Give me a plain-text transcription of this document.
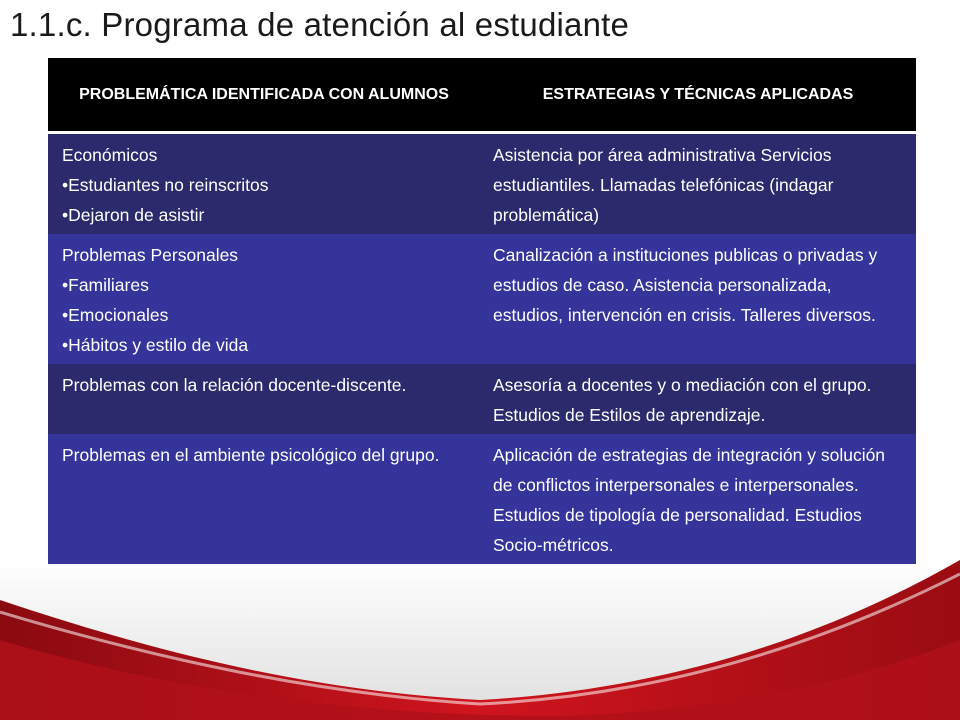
1.1.c. Programa de atención al estudiante
PROBLEMÁTICA IDENTIFICADA CON ALUMNOS	ESTRATEGIAS Y TÉCNICAS APLICADAS

Económicos
•Estudiantes no reinscritos
•Dejaron de asistir	Asistencia por área administrativa Servicios estudiantiles. Llamadas telefónicas (indagar problemática)

Problemas Personales
•Familiares
•Emocionales
•Hábitos y estilo de vida	Canalización a instituciones publicas o privadas y estudios de caso. Asistencia personalizada, estudios, intervención en crisis. Talleres diversos.

Problemas con la relación docente-discente.	Asesoría a docentes y o mediación con el grupo. Estudios de Estilos de aprendizaje.

Problemas en el ambiente psicológico del grupo.	Aplicación de estrategias de integración y solución de conflictos interpersonales e interpersonales. Estudios de tipología de personalidad. Estudios Socio-métricos.
